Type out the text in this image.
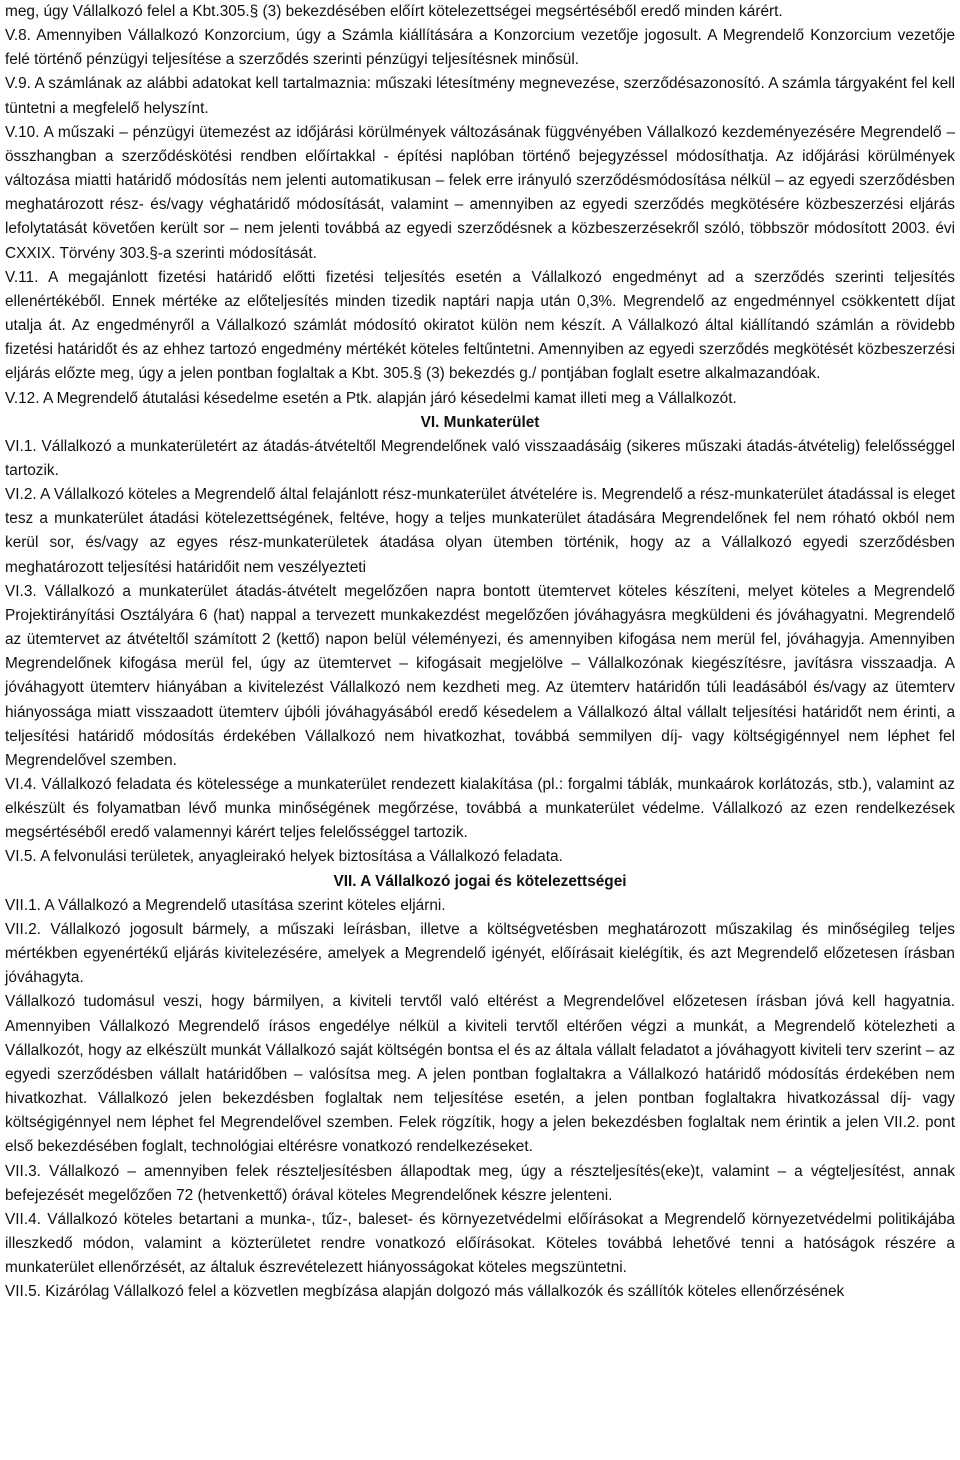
meg, úgy Vállalkozó felel a Kbt.305.§ (3) bekezdésében előírt kötelezettségei megsértéséből eredő minden kárért.

V.8. Amennyiben Vállalkozó Konzorcium, úgy a Számla kiállítására a Konzorcium vezetője jogosult. A Megrendelő Konzorcium vezetője felé történő pénzügyi teljesítése a szerződés szerinti pénzügyi teljesítésnek minősül.

V.9. A számlának az alábbi adatokat kell tartalmaznia: műszaki létesítmény megnevezése, szerződésazonosító. A számla tárgyaként fel kell tüntetni a megfelelő helyszínt.

V.10. A műszaki – pénzügyi ütemezést az időjárási körülmények változásának függvényében Vállalkozó kezdeményezésére Megrendelő – összhangban a szerződéskötési rendben előírtakkal - építési naplóban történő bejegyzéssel módosíthatja. Az időjárási körülmények változása miatti határidő módosítás nem jelenti automatikusan – felek erre irányuló szerződésmódosítása nélkül – az egyedi szerződésben meghatározott rész- és/vagy véghatáridő módosítását, valamint – amennyiben az egyedi szerződés megkötésére közbeszerzési eljárás lefolytatását követően került sor – nem jelenti továbbá az egyedi szerződésnek a közbeszerzésekről szóló, többször módosított 2003. évi CXXIX. Törvény 303.§-a szerinti módosítását.

V.11. A megajánlott fizetési határidő előtti fizetési teljesítés esetén a Vállalkozó engedményt ad a szerződés szerinti teljesítés ellenértékéből. Ennek mértéke az előteljesítés minden tizedik naptári napja után 0,3%. Megrendelő az engedménnyel csökkentett díjat utalja át. Az engedményről a Vállalkozó számlát módosító okiratot külön nem készít. A Vállalkozó által kiállítandó számlán a rövidebb fizetési határidőt és az ehhez tartozó engedmény mértékét köteles feltűntetni. Amennyiben az egyedi szerződés megkötését közbeszerzési eljárás előzte meg, úgy a jelen pontban foglaltak a Kbt. 305.§ (3) bekezdés g./ pontjában foglalt esetre alkalmazandóak.

V.12. A Megrendelő átutalási késedelme esetén a Ptk. alapján járó késedelmi kamat illeti meg a Vállalkozót.

VI. Munkaterület

VI.1. Vállalkozó a munkaterületért az átadás-átvételtől Megrendelőnek való visszaadásáig (sikeres műszaki átadás-átvételig) felelősséggel tartozik.

VI.2. A Vállalkozó köteles a Megrendelő által felajánlott rész-munkaterület átvételére is. Megrendelő a rész-munkaterület átadással is eleget tesz a munkaterület átadási kötelezettségének, feltéve, hogy a teljes munkaterület átadására Megrendelőnek fel nem róható okból nem kerül sor, és/vagy az egyes rész-munkaterületek átadása olyan ütemben történik, hogy az a Vállalkozó egyedi szerződésben meghatározott teljesítési határidőit nem veszélyezteti

VI.3. Vállalkozó a munkaterület átadás-átvételt megelőzően napra bontott ütemtervet köteles készíteni, melyet köteles a Megrendelő Projektirányítási Osztályára 6 (hat) nappal a tervezett munkakezdést megelőzően jóváhagyásra megküldeni és jóváhagyatni. Megrendelő az ütemtervet az átvételtől számított 2 (kettő) napon belül véleményezi, és amennyiben kifogása nem merül fel, jóváhagyja. Amennyiben Megrendelőnek kifogása merül fel, úgy az ütemtervet – kifogásait megjelölve – Vállalkozónak kiegészítésre, javításra visszaadja. A jóváhagyott ütemterv hiányában a kivitelezést Vállalkozó nem kezdheti meg. Az ütemterv határidőn túli leadásából és/vagy az ütemterv hiányossága miatt visszaadott ütemterv újbóli jóváhagyásából eredő késedelem a Vállalkozó által vállalt teljesítési határidőt nem érinti, a teljesítési határidő módosítás érdekében Vállalkozó nem hivatkozhat, továbbá semmilyen díj- vagy költségigénnyel nem léphet fel Megrendelővel szemben.

VI.4. Vállalkozó feladata és kötelessége a munkaterület rendezett kialakítása (pl.: forgalmi táblák, munkaárok korlátozás, stb.), valamint az elkészült és folyamatban lévő munka minőségének megőrzése, továbbá a munkaterület védelme. Vállalkozó az ezen rendelkezések megsértéséből eredő valamennyi kárért teljes felelősséggel tartozik.

VI.5. A felvonulási területek, anyagleirakó helyek biztosítása a Vállalkozó feladata.

VII. A Vállalkozó jogai és kötelezettségei

VII.1. A Vállalkozó a Megrendelő utasítása szerint köteles eljárni.

VII.2. Vállalkozó jogosult bármely, a műszaki leírásban, illetve a költségvetésben meghatározott műszakilag és minőségileg teljes mértékben egyenértékű eljárás kivitelezésére, amelyek a Megrendelő igényét, előírásait kielégítik, és azt Megrendelő előzetesen írásban jóváhagyta.

Vállalkozó tudomásul veszi, hogy bármilyen, a kiviteli tervtől való eltérést a Megrendelővel előzetesen írásban jóvá kell hagyatnia. Amennyiben Vállalkozó Megrendelő írásos engedélye nélkül a kiviteli tervtől eltérően végzi a munkát, a Megrendelő kötelezheti a Vállalkozót, hogy az elkészült munkát Vállalkozó saját költségén bontsa el és az általa vállalt feladatot a jóváhagyott kiviteli terv szerint – az egyedi szerződésben vállalt határidőben – valósítsa meg. A jelen pontban foglaltakra a Vállalkozó határidő módosítás érdekében nem hivatkozhat. Vállalkozó jelen bekezdésben foglaltak nem teljesítése esetén, a jelen pontban foglaltakra hivatkozással díj- vagy költségigénnyel nem léphet fel Megrendelővel szemben. Felek rögzítik, hogy a jelen bekezdésben foglaltak nem érintik a jelen VII.2. pont első bekezdésében foglalt, technológiai eltérésre vonatkozó rendelkezéseket.

VII.3. Vállalkozó – amennyiben felek részteljesítésben állapodtak meg, úgy a részteljesítés(eke)t, valamint – a végteljesítést, annak befejezését megelőzően 72 (hetvenkettő) órával köteles Megrendelőnek készre jelenteni.

VII.4. Vállalkozó köteles betartani a munka-, tűz-, baleset- és környezetvédelmi előírásokat a Megrendelő környezetvédelmi politikájába illeszkedő módon, valamint a közterületet rendre vonatkozó előírásokat. Köteles továbbá lehetővé tenni a hatóságok részére a munkaterület ellenőrzését, az általuk észrevételezett hiányosságokat köteles megszüntetni.

VII.5. Kizárólag Vállalkozó felel a közvetlen megbízása alapján dolgozó más vállalkozók és szállítók köteles ellenőrzésének
